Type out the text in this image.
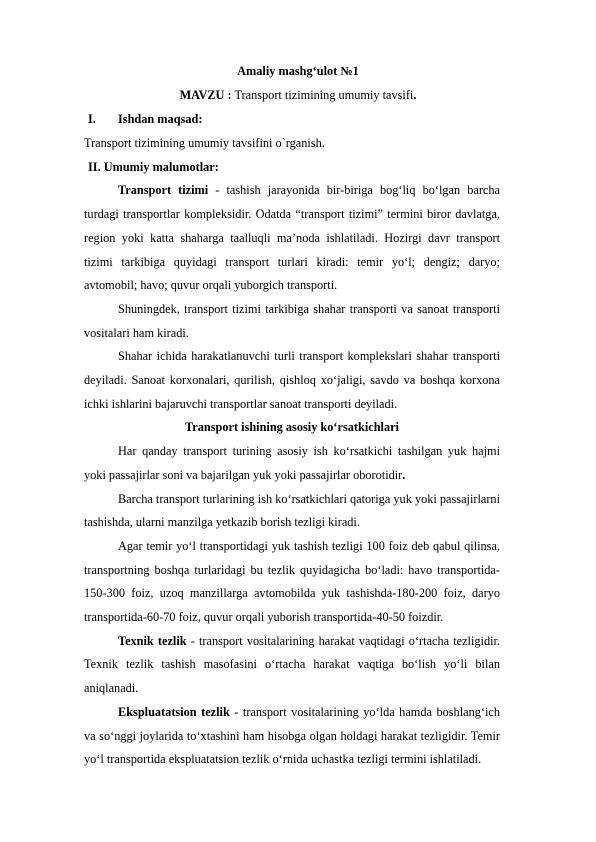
Amaliy mashg‘ulot №1
MAVZU : Transport tizimining umumiy tavsifi.
I. Ishdan maqsad:

Transport tizimining umumiy tavsifini o`rganish.

II. Umumiy malumotlar:

Transport tizimi - tashish jarayonida bir-biriga bog‘liq bo‘lgan barcha turdagi transportlar kompleksidir. Odatda “transport tizimi” termini biror davlatga, region yoki katta shaharga taalluqli ma’noda ishlatiladi. Hozirgi davr transport tizimi tarkibiga quyidagi transport turlari kiradi: temir yo‘l; dengiz; daryo; avtomobil; havo; quvur orqali yuborgich transporti.

Shuningdek, transport tizimi tarkibiga shahar transporti va sanoat transporti vositalari ham kiradi.

Shahar ichida harakatlanuvchi turli transport komplekslari shahar transporti deyiladi. Sanoat korxonalari, qurilish, qishloq xo‘jaligi, savdo va boshqa korxona ichki ishlarini bajaruvchi transportlar sanoat transporti deyiladi.

Transport ishining asosiy ko‘rsatkichlari

Har qanday transport turining asosiy ish ko‘rsatkichi tashilgan yuk hajmi yoki passajirlar soni va bajarilgan yuk yoki passajirlar oborotidir.

Barcha transport turlarining ish ko‘rsatkichlari qatoriga yuk yoki passajirlarni tashishda, ularni manzilga yetkazib borish tezligi kiradi.

Agar temir yo‘l transportidagi yuk tashish tezligi 100 foiz deb qabul qilinsa, transportning boshqa turlaridagi bu tezlik quyidagicha bo‘ladi: havo transportida-150-300 foiz, uzoq manzillarga avtomobilda yuk tashishda-180-200 foiz, daryo transportida-60-70 foiz, quvur orqali yuborish transportida-40-50 foizdir.

Texnik tezlik - transport vositalarining harakat vaqtidagi o‘rtacha tezligidir. Texnik tezlik tashish masofasini o‘rtacha harakat vaqtiga bo‘lish yo‘li bilan aniqlanadi.

Ekspluatatsion tezlik - transport vositalarining yo‘lda hamda boshlang‘ich va so‘nggi joylarida to‘xtashini ham hisobga olgan holdagi harakat tezligidir. Temir yo‘l transportida ekspluatatsion tezlik o‘rnida uchastka tezligi termini ishlatiladi.
